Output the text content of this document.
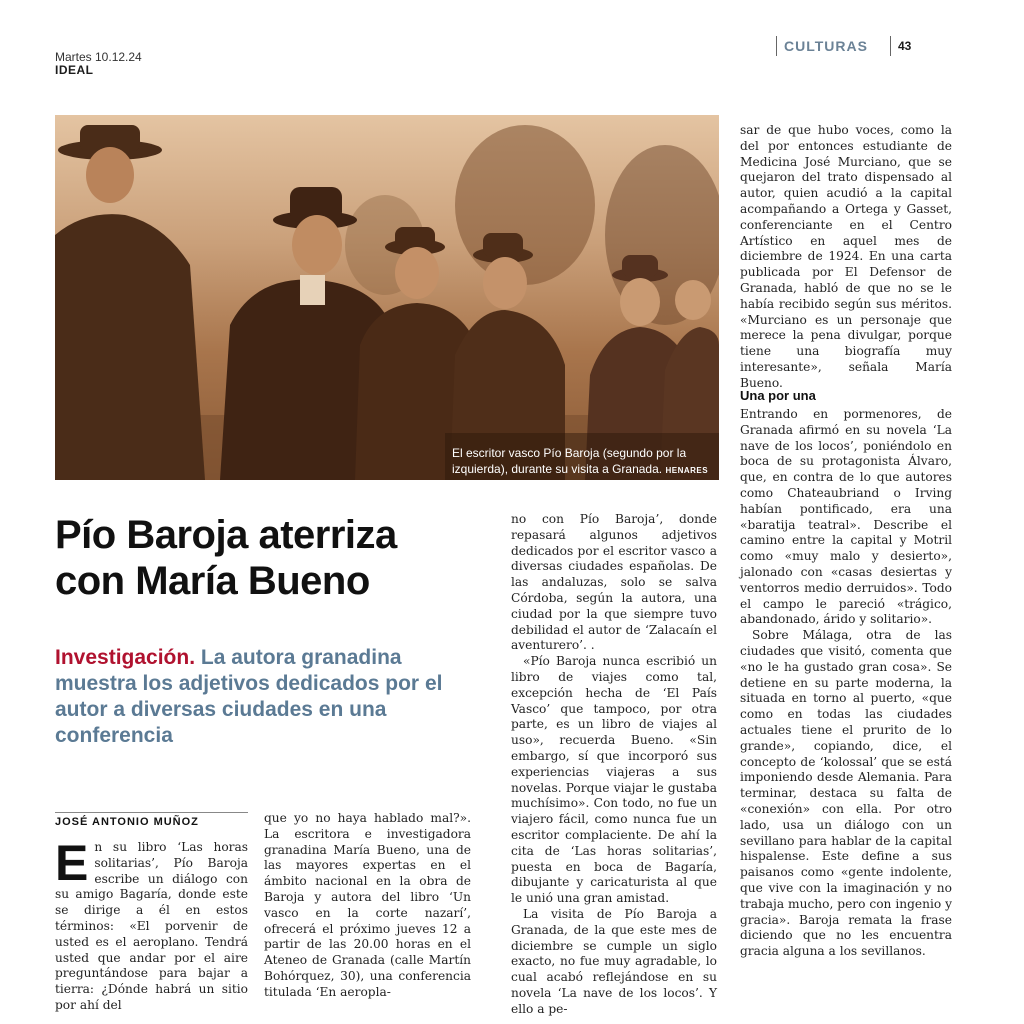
Martes 10.12.24
IDEAL
CULTURAS	43
El escritor vasco Pío Baroja (segundo por la izquierda), durante su visita a Granada. HENARES
Pío Baroja aterriza con María Bueno
Investigación. La autora granadina muestra los adjetivos dedicados por el autor a diversas ciudades en una conferencia
JOSÉ ANTONIO MUÑOZ

En su libro ‘Las horas solitarias’, Pío Baroja escribe un diálogo con su amigo Bagaría, donde este se dirige a él en estos términos: «El porvenir de usted es el aeroplano. Tendrá usted que andar por el aire preguntándose para bajar a tierra: ¿Dónde habrá un sitio por ahí del

que yo no haya hablado mal?». La escritora e investigadora granadina María Bueno, una de las mayores expertas en el ámbito nacional en la obra de Baroja y autora del libro ‘Un vasco en la corte nazarí’, ofrecerá el próximo jueves 12 a partir de las 20.00 horas en el Ateneo de Granada (calle Martín Bohórquez, 30), una conferencia titulada ‘En aeropla-

no con Pío Baroja’, donde repasará algunos adjetivos dedicados por el escritor vasco a diversas ciudades españolas. De las andaluzas, solo se salva Córdoba, según la autora, una ciudad por la que siempre tuvo debilidad el autor de ‘Zalacaín el aventurero’. .

«Pío Baroja nunca escribió un libro de viajes como tal, excepción hecha de ‘El País Vasco’ que tampoco, por otra parte, es un libro de viajes al uso», recuerda Bueno. «Sin embargo, sí que incorporó sus experiencias viajeras a sus novelas. Porque viajar le gustaba muchísimo». Con todo, no fue un viajero fácil, como nunca fue un escritor complaciente. De ahí la cita de ‘Las horas solitarias’, puesta en boca de Bagaría, dibujante y caricaturista al que le unió una gran amistad.

La visita de Pío Baroja a Granada, de la que este mes de diciembre se cumple un siglo exacto, no fue muy agradable, lo cual acabó reflejándose en su novela ‘La nave de los locos’. Y ello a pe-

sar de que hubo voces, como la del por entonces estudiante de Medicina José Murciano, que se quejaron del trato dispensado al autor, quien acudió a la capital acompañando a Ortega y Gasset, conferenciante en el Centro Artístico en aquel mes de diciembre de 1924. En una carta publicada por El Defensor de Granada, habló de que no se le había recibido según sus méritos. «Murciano es un personaje que merece la pena divulgar, porque tiene una biografía muy interesante», señala María Bueno.

Una por una

Entrando en pormenores, de Granada afirmó en su novela ‘La nave de los locos’, poniéndolo en boca de su protagonista Álvaro, que, en contra de lo que autores como Chateaubriand o Irving habían pontificado, era una «baratija teatral». Describe el camino entre la capital y Motril como «muy malo y desierto», jalonado con «casas desiertas y ventorros medio derruidos». Todo el campo le pareció «trágico, abandonado, árido y solitario».

Sobre Málaga, otra de las ciudades que visitó, comenta que «no le ha gustado gran cosa». Se detiene en su parte moderna, la situada en torno al puerto, «que como en todas las ciudades actuales tiene el prurito de lo grande», copiando, dice, el concepto de ‘kolossal’ que se está imponiendo desde Alemania. Para terminar, destaca su falta de «conexión» con ella. Por otro lado, usa un diálogo con un sevillano para hablar de la capital hispalense. Este define a sus paisanos como «gente indolente, que vive con la imaginación y no trabaja mucho, pero con ingenio y gracia». Baroja remata la frase diciendo que no les encuentra gracia alguna a los sevillanos.
